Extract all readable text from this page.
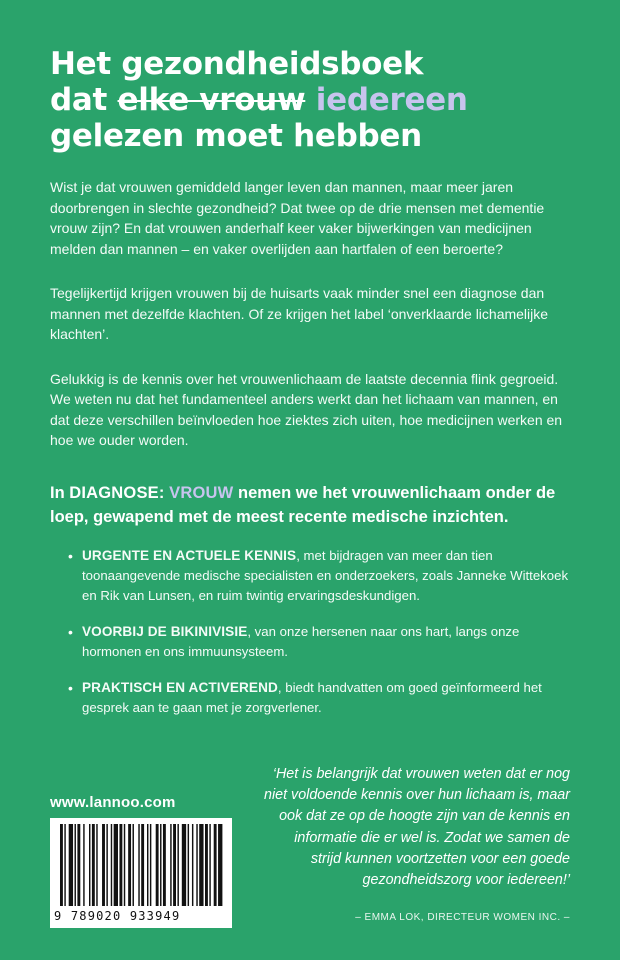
Het gezondheidsboek
dat elke vrouw iedereen
gelezen moet hebben

Wist je dat vrouwen gemiddeld langer leven dan mannen, maar meer jaren doorbrengen in slechte gezondheid? Dat twee op de drie mensen met dementie vrouw zijn? En dat vrouwen anderhalf keer vaker bijwerkingen van medicijnen melden dan mannen – en vaker overlijden aan hartfalen of een beroerte?

Tegelijkertijd krijgen vrouwen bij de huisarts vaak minder snel een diagnose dan mannen met dezelfde klachten. Of ze krijgen het label ‘onverklaarde lichamelijke klachten’.

Gelukkig is de kennis over het vrouwenlichaam de laatste decennia flink gegroeid. We weten nu dat het fundamenteel anders werkt dan het lichaam van mannen, en dat deze verschillen beïnvloeden hoe ziektes zich uiten, hoe medicijnen werken en hoe we ouder worden.

In DIAGNOSE: VROUW nemen we het vrouwenlichaam onder de loep, gewapend met de meest recente medische inzichten.
• URGENTE EN ACTUELE KENNIS, met bijdragen van meer dan tien toonaangevende medische specialisten en onderzoekers, zoals Janneke Wittekoek en Rik van Lunsen, en ruim twintig ervaringsdeskundigen.
• VOORBIJ DE BIKINIVISIE, van onze hersenen naar ons hart, langs onze hormonen en ons immuunsysteem.
• PRAKTISCH EN ACTIVEREND, biedt handvatten om goed geïnformeerd het gesprek aan te gaan met je zorgverlener.
www.lannoo.com
9 789020 933949
‘Het is belangrijk dat vrouwen weten dat er nog niet voldoende kennis over hun lichaam is, maar ook dat ze op de hoogte zijn van de kennis en informatie die er wel is. Zodat we samen de strijd kunnen voortzetten voor een goede gezondheidszorg voor iedereen!’
– EMMA LOK, DIRECTEUR WOMEN INC. –
